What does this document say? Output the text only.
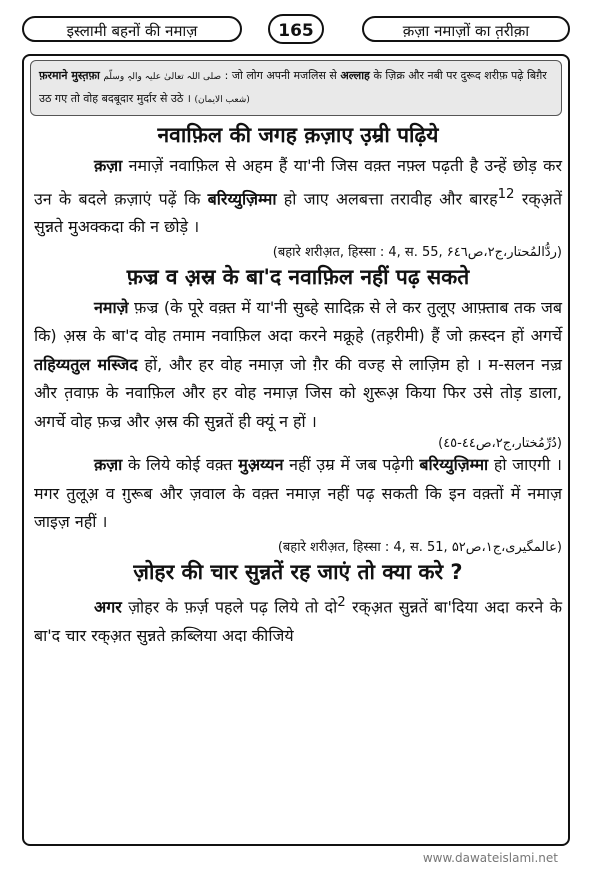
इस्लामी बहनों की नमाज़	165	क़ज़ा नमाज़ों का त़रीक़ा
फ़रमाने मुस्त़फ़ा صلی اللہ تعالیٰ علیہ والہٖ وسلّم : जो लोग अपनी मजलिस से अल्लाह के ज़िक्र और नबी पर दुरूद शरीफ़ पढ़े बिग़ैर उठ गए तो वोह बदबूदार मुर्दार से उठे । (شعب الایمان)
नवाफ़िल की जगह क़ज़ाए उ़म्री पढ़िये

क़ज़ा नमाज़ें नवाफ़िल से अहम हैं या'नी जिस वक़्त नफ़्ल पढ़ती है उन्हें छोड़ कर उन के बदले क़ज़ाएं पढ़ें कि बरिय्युज़िम्मा हो जाए अलबत्ता तरावीह और बारह$^{12}$ रक्अ़तें सुन्नते मुअक्कदा की न छोड़े ।

(बहारे शरीअ़त, हिस्सा : 4, स. 55, ردُّالمُحتار،ج۲،ص۶٤٦)
फ़ज्र व अ़स्र के बा'द नवाफ़िल नहीं पढ़ सकते

नमाज़े फ़ज्र (के पूरे वक़्त में या'नी सुब्हे सादिक़ से ले कर तुलूए आफ़्ताब तक जब कि) अ़स्र के बा'द वोह तमाम नवाफ़िल अदा करने मक्रूहे (तह़रीमी) हैं जो क़स्दन हों अगर्चे तहिय्यतुल मस्जिद हों, और हर वोह नमाज़ जो ग़ैर की वज्ह से लाज़िम हो । म-सलन नज़्र और त़वाफ़ के नवाफ़िल और हर वोह नमाज़ जिस को शुरूअ़ किया फिर उसे तोड़ डाला, अगर्चे वोह फ़ज्र और अ़स्र की सुन्नतें ही क्यूं न हों ।

(دُرِّمُختار،ج۲،ص٤٤-٤٥)

क़ज़ा के लिये कोई वक़्त मुअ़य्यन नहीं उ़म्र में जब पढ़ेगी बरिय्युज़िम्मा हो जाएगी । मगर तुलूअ़ व ग़ुरूब और ज़वाल के वक़्त नमाज़ नहीं पढ़ सकती कि इन वक़्तों में नमाज़ जाइज़ नहीं ।

(बहारे शरीअ़त, हिस्सा : 4, स. 51, عالمگیری،ج۱،ص۵۲)
ज़ोहर की चार सुन्नतें रह जाएं तो क्या करे ?

अगर ज़ोहर के फ़र्ज़ पहले पढ़ लिये तो दो$^2$ रक्अ़त सुन्नतें बा'दिया अदा करने के बा'द चार रक्अ़त सुन्नते क़ब्लिया अदा कीजिये

www.dawateislami.net
